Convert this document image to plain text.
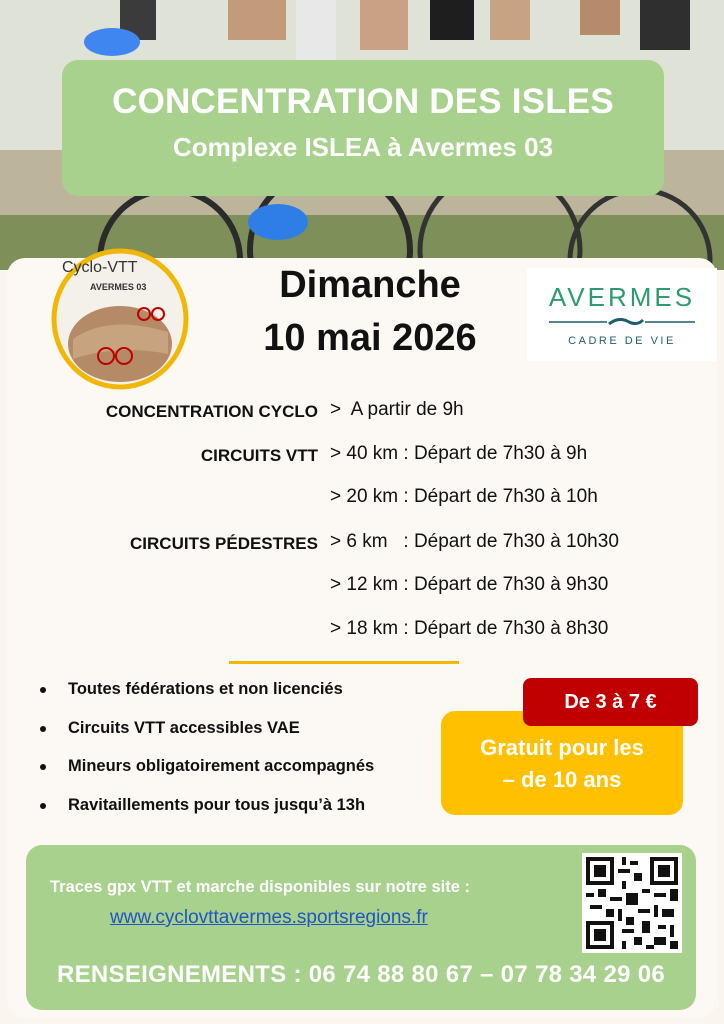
CONCENTRATION DES ISLES
Complexe ISLEA à Avermes 03
Cyclo-VTT
AVERMES 03	AVERMES
CADRE DE VIE
Dimanche
10 mai 2026
CONCENTRATION CYCLO >  A partir de 9h
CIRCUITS VTT > 40 km : Départ de 7h30 à 9h
> 20 km : Départ de 7h30 à 10h
CIRCUITS PÉDESTRES > 6 km   : Départ de 7h30 à 10h30
> 12 km : Départ de 7h30 à 9h30
> 18 km : Départ de 7h30 à 8h30
Toutes fédérations et non licenciés
Circuits VTT accessibles VAE
Mineurs obligatoirement accompagnés
Ravitaillements pour tous jusqu’à 13h
Gratuit pour les
– de 10 ans
De 3 à 7 €
Traces gpx VTT et marche disponibles sur notre site :
www.cyclovttavermes.sportsregions.fr
RENSEIGNEMENTS : 06 74 88 80 67 – 07 78 34 29 06
